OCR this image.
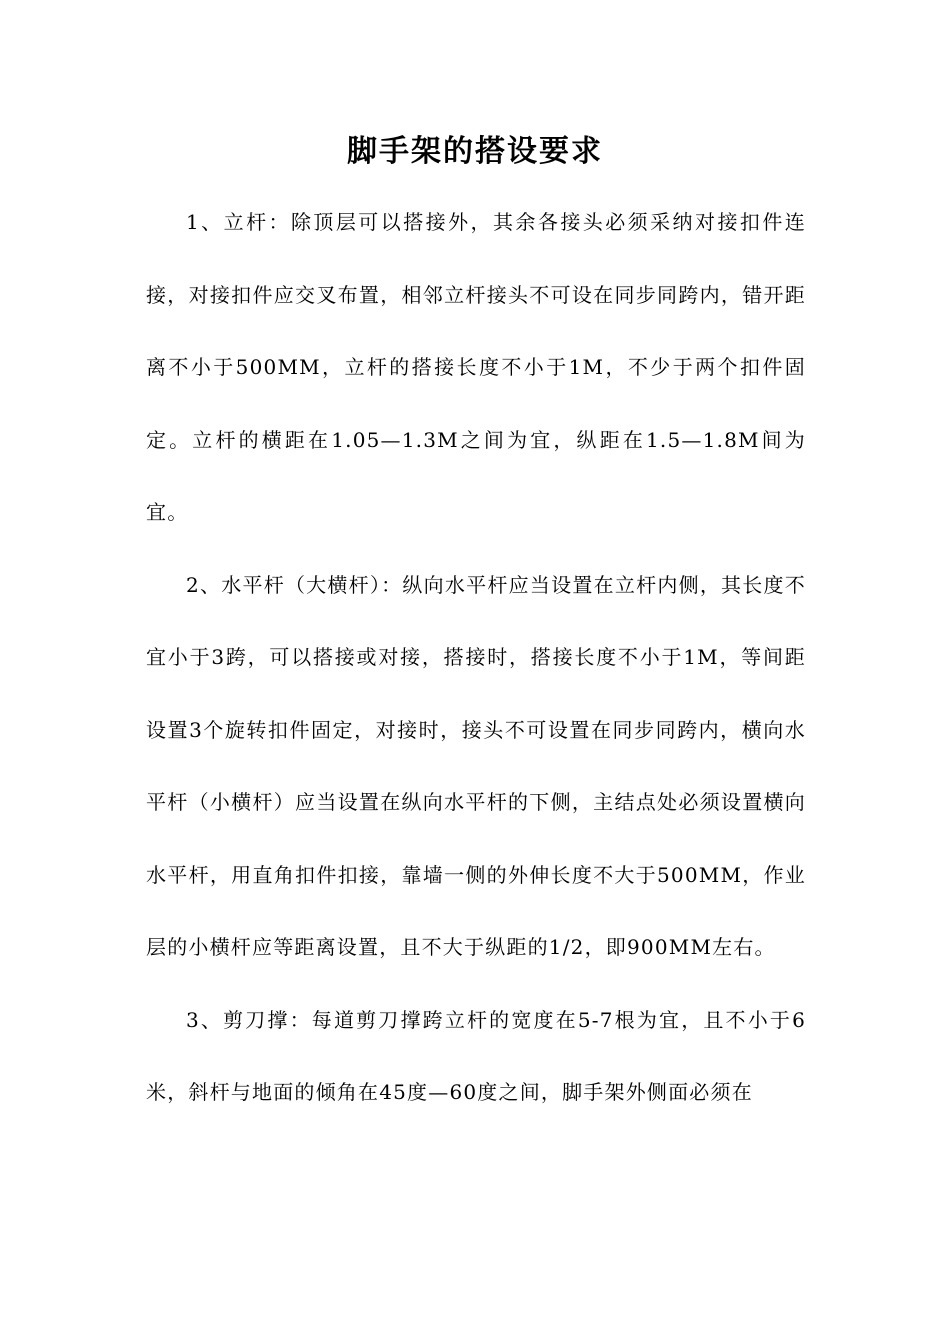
脚手架的搭设要求

1、立杆：除顶层可以搭接外，其余各接头必须采纳对接扣件连接，对接扣件应交叉布置，相邻立杆接头不可设在同步同跨内，错开距离不小于500MM，立杆的搭接长度不小于1M，不少于两个扣件固定。立杆的横距在1.05—1.3M之间为宜，纵距在1.5—1.8M间为宜。

2、水平杆（大横杆）：纵向水平杆应当设置在立杆内侧，其长度不宜小于3跨，可以搭接或对接，搭接时，搭接长度不小于1M，等间距设置3个旋转扣件固定，对接时，接头不可设置在同步同跨内，横向水平杆（小横杆）应当设置在纵向水平杆的下侧，主结点处必须设置横向水平杆，用直角扣件扣接，靠墙一侧的外伸长度不大于500MM，作业层的小横杆应等距离设置，且不大于纵距的1/2，即900MM左右。

3、剪刀撑：每道剪刀撑跨立杆的宽度在5-7根为宜，且不小于6米，斜杆与地面的倾角在45度—60度之间，脚手架外侧面必须在
